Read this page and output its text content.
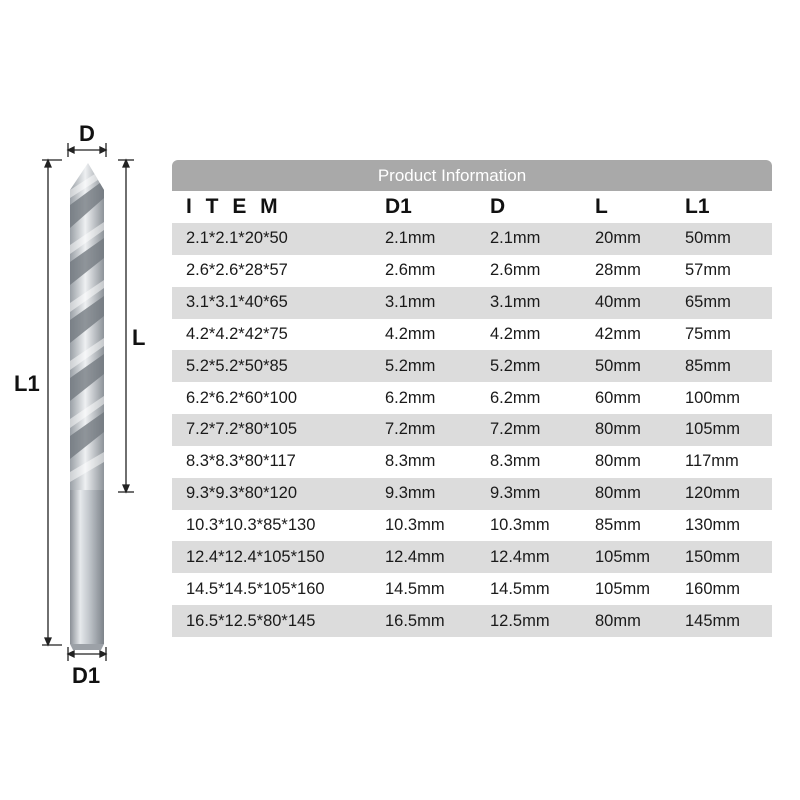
D
D1
L1
L
Product Information
I T E M	D1	D	L	L1
2.1*2.1*20*50	2.1mm	2.1mm	20mm	50mm
2.6*2.6*28*57	2.6mm	2.6mm	28mm	57mm
3.1*3.1*40*65	3.1mm	3.1mm	40mm	65mm
4.2*4.2*42*75	4.2mm	4.2mm	42mm	75mm
5.2*5.2*50*85	5.2mm	5.2mm	50mm	85mm
6.2*6.2*60*100	6.2mm	6.2mm	60mm	100mm
7.2*7.2*80*105	7.2mm	7.2mm	80mm	105mm
8.3*8.3*80*117	8.3mm	8.3mm	80mm	117mm
9.3*9.3*80*120	9.3mm	9.3mm	80mm	120mm
10.3*10.3*85*130	10.3mm	10.3mm	85mm	130mm
12.4*12.4*105*150	12.4mm	12.4mm	105mm	150mm
14.5*14.5*105*160	14.5mm	14.5mm	105mm	160mm
16.5*12.5*80*145	16.5mm	12.5mm	80mm	145mm
